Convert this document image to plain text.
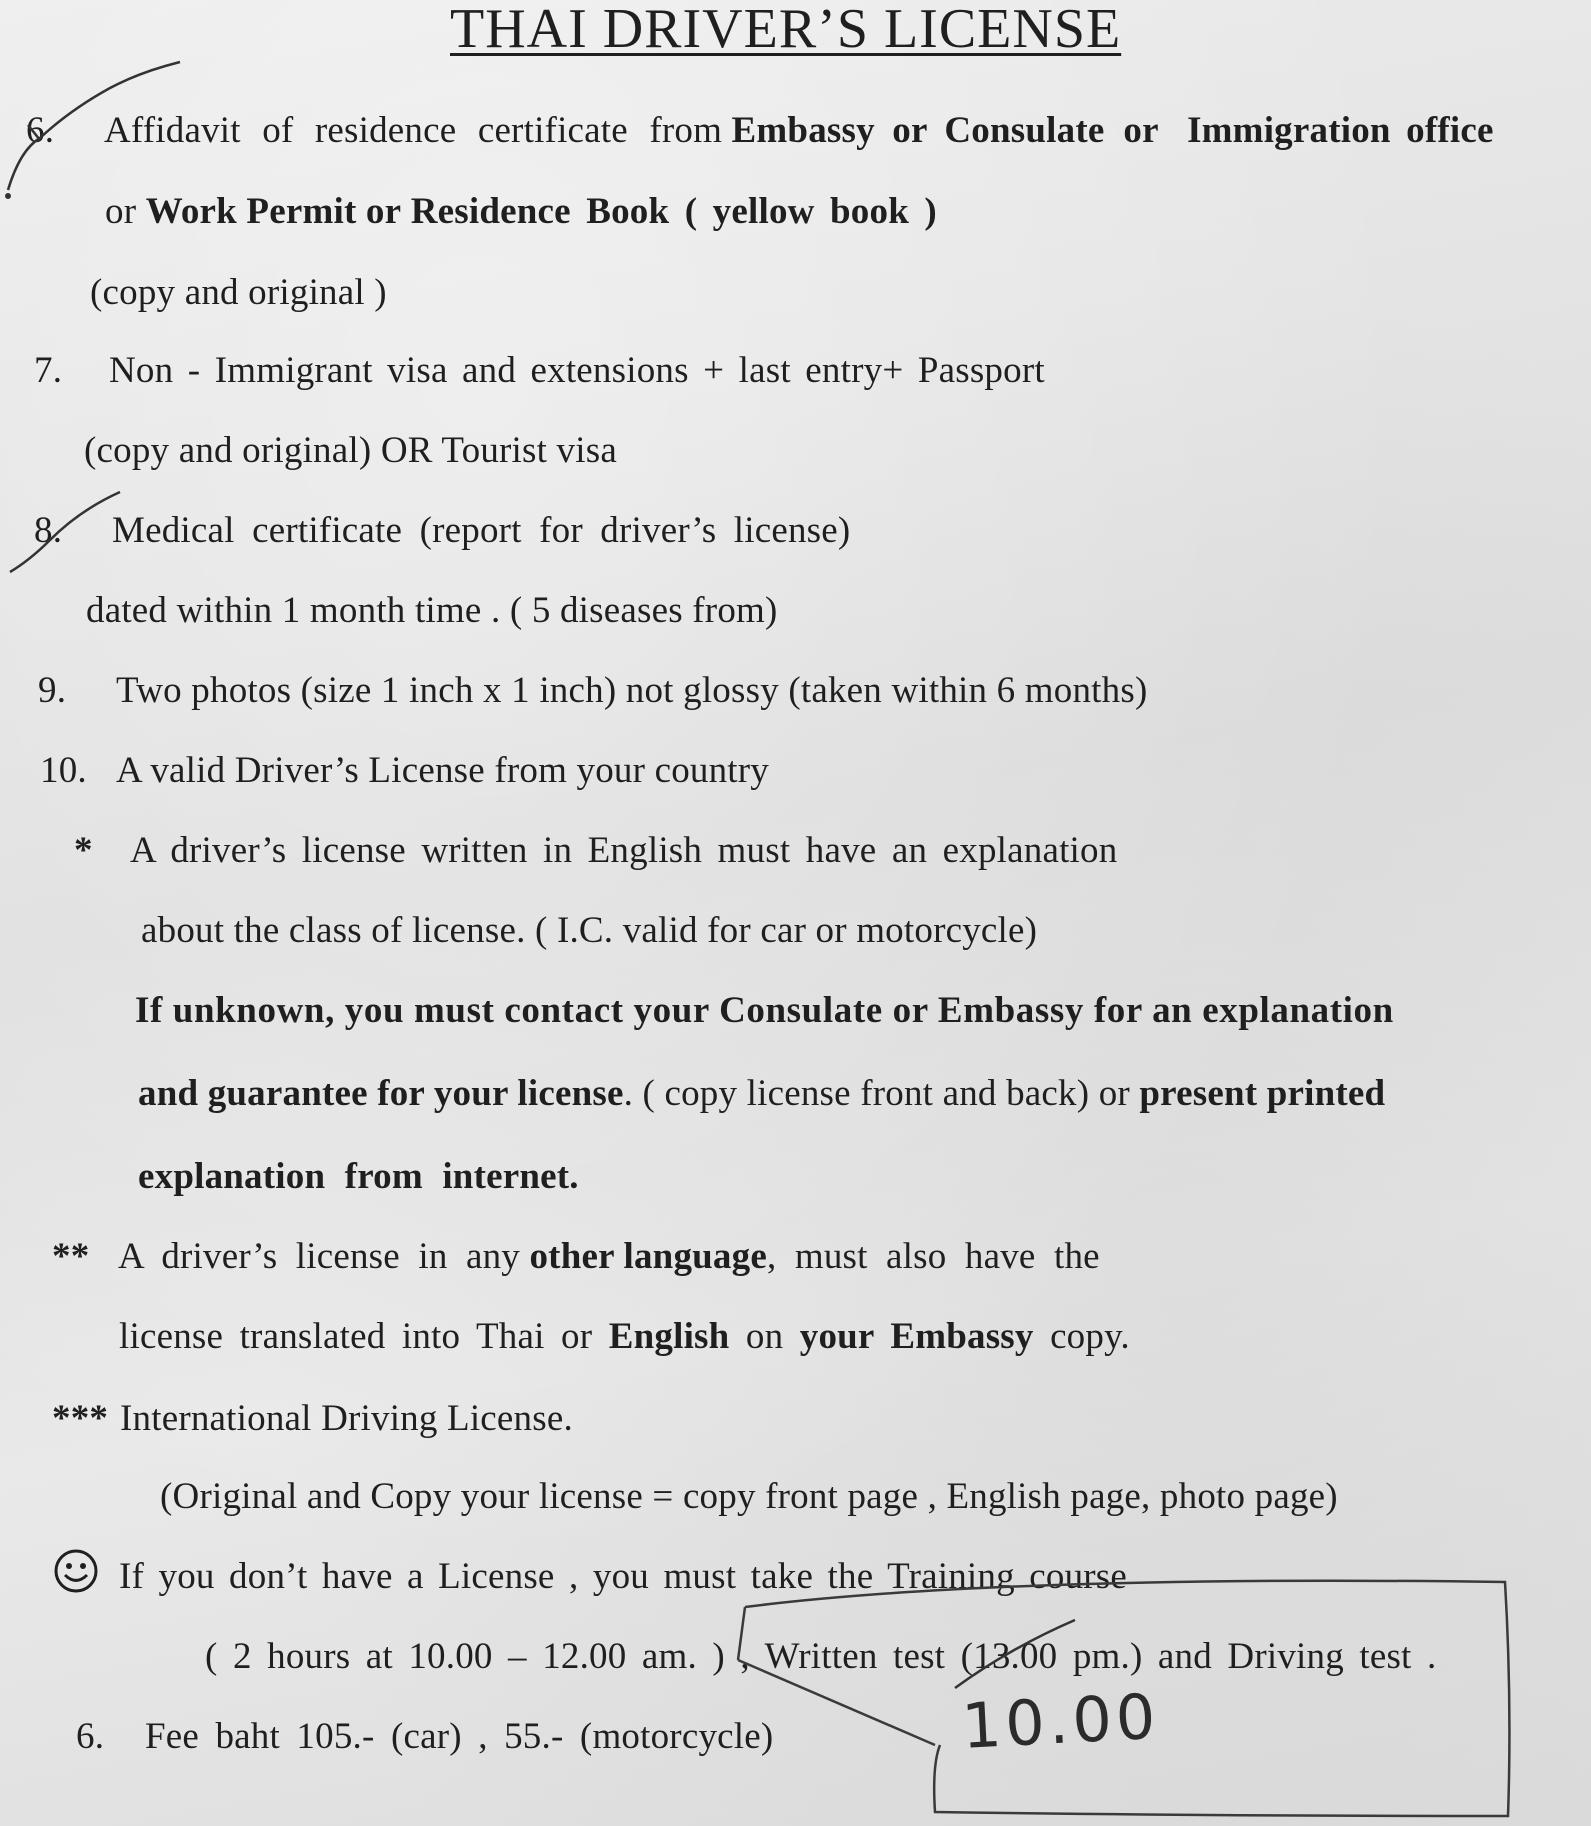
THAI DRIVER’S LICENSE
6. Affidavit of residence certificate from Embassy or Consulate or Immigration office
or Work Permit or Residence Book ( yellow book )
(copy and original )
7. Non - Immigrant visa and extensions + last entry+ Passport
(copy and original) OR Tourist visa
8. Medical certificate (report for driver’s license)
dated within 1 month time . ( 5 diseases from)
9. Two photos (size 1 inch x 1 inch) not glossy (taken within 6 months)
10. A valid Driver’s License from your country
* A driver’s license written in English must have an explanation
about the class of license. ( I.C. valid for car or motorcycle)
If unknown, you must contact your Consulate or Embassy for an explanation
and guarantee for your license. ( copy license front and back) or present printed
explanation from internet.
** A driver’s license in any other language, must also have the
license translated into Thai or English on your Embassy copy.
*** International Driving License.
(Original and Copy your license = copy front page , English page, photo page)
If you don’t have a License , you must take the Training course
( 2 hours at 10.00 – 12.00 am. ) , Written test (13.00 pm.) and Driving test .
6. Fee baht 105.- (car) , 55.- (motorcycle)	10.00
